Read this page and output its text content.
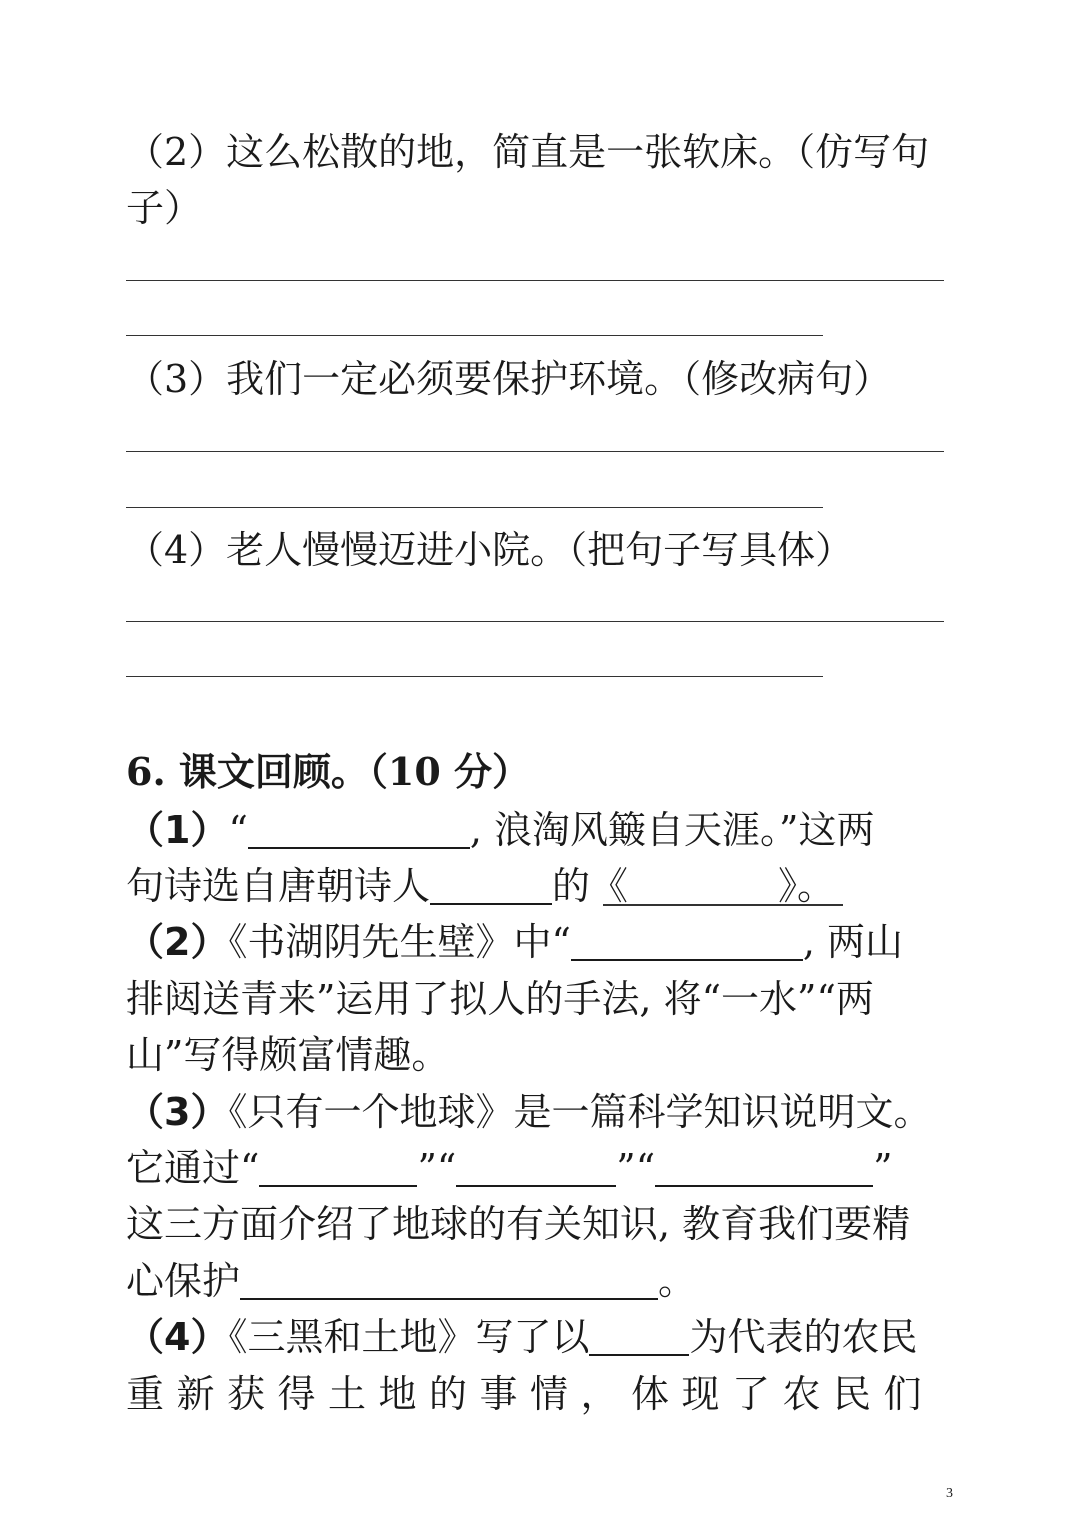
（2）这么松散的地，简直是一张软床。（仿写句
子）
（3）我们一定必须要保护环境。（修改病句）
（4）老人慢慢迈进小院。（把句子写具体）
6. 课文回顾。（10 分）
（1）“	, 浪淘风簸自天涯。”这两
句诗选自唐朝诗人	的《	》。
（2）《书湖阴先生壁》中“	, 两山
排闼送青来”运用了拟人的手法, 将“一水”“两
山”写得颇富情趣。
（3）《只有一个地球》是一篇科学知识说明文。
它通过“	”“	”“	”
这三方面介绍了地球的有关知识, 教育我们要精
心保护	。
（4）《三黑和土地》写了以	为代表的农民
重新获得土地的事情，体现了农民们
3
